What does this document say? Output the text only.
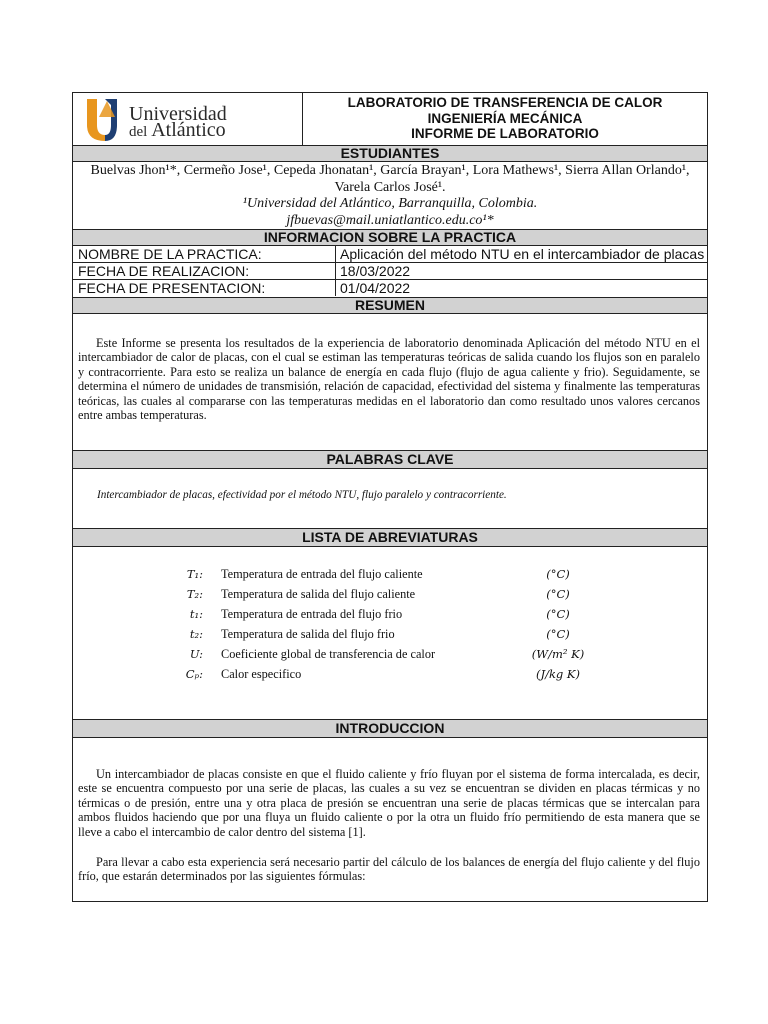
Universidad
del Atlántico
LABORATORIO DE TRANSFERENCIA DE CALOR
INGENIERÍA MECÁNICA
INFORME DE LABORATORIO
ESTUDIANTES
Buelvas Jhon¹*, Cermeño Jose¹, Cepeda Jhonatan¹, García Brayan¹, Lora Mathews¹, Sierra Allan Orlando¹,
Varela Carlos José¹.
¹Universidad del Atlántico, Barranquilla, Colombia.
jfbuevas@mail.uniatlantico.edu.co¹*
INFORMACION SOBRE LA PRACTICA
NOMBRE DE LA PRACTICA:	Aplicación del método NTU en el intercambiador de placas
FECHA DE REALIZACION:	18/03/2022
FECHA DE PRESENTACION:	01/04/2022
RESUMEN
Este Informe se presenta los resultados de la experiencia de laboratorio denominada Aplicación del método NTU en el intercambiador de calor de placas, con el cual se estiman las temperaturas teóricas de salida cuando los flujos son en paralelo y contracorriente. Para esto se realiza un balance de energía en cada flujo (flujo de agua caliente y frio). Seguidamente, se determina el número de unidades de transmisión, relación de capacidad, efectividad del sistema y finalmente las temperaturas teóricas, las cuales al compararse con las temperaturas medidas en el laboratorio dan como resultado unos valores cercanos entre ambas temperaturas.
PALABRAS CLAVE
Intercambiador de placas, efectividad por el método NTU, flujo paralelo y contracorriente.
LISTA DE ABREVIATURAS
T₁: Temperatura de entrada del flujo caliente	(°C)
T₂: Temperatura de salida del flujo caliente	(°C)
t₁: Temperatura de entrada del flujo frio	(°C)
t₂: Temperatura de salida del flujo frio	(°C)
U: Coeficiente global de transferencia de calor	(W/m² K)
Cₚ: Calor especifico	(J/kg K)
INTRODUCCION
Un intercambiador de placas consiste en que el fluido caliente y frío fluyan por el sistema de forma intercalada, es decir, este se encuentra compuesto por una serie de placas, las cuales a su vez se encuentran se dividen en placas térmicas y no térmicas o de presión, entre una y otra placa de presión se encuentran una serie de placas térmicas que se intercalan para ambos fluidos haciendo que por una fluya un fluido caliente o por la otra un fluido frío permitiendo de esta manera que se lleve a cabo el intercambio de calor dentro del sistema [1].
Para llevar a cabo esta experiencia será necesario partir del cálculo de los balances de energía del flujo caliente y del flujo frío, que estarán determinados por las siguientes fórmulas:
